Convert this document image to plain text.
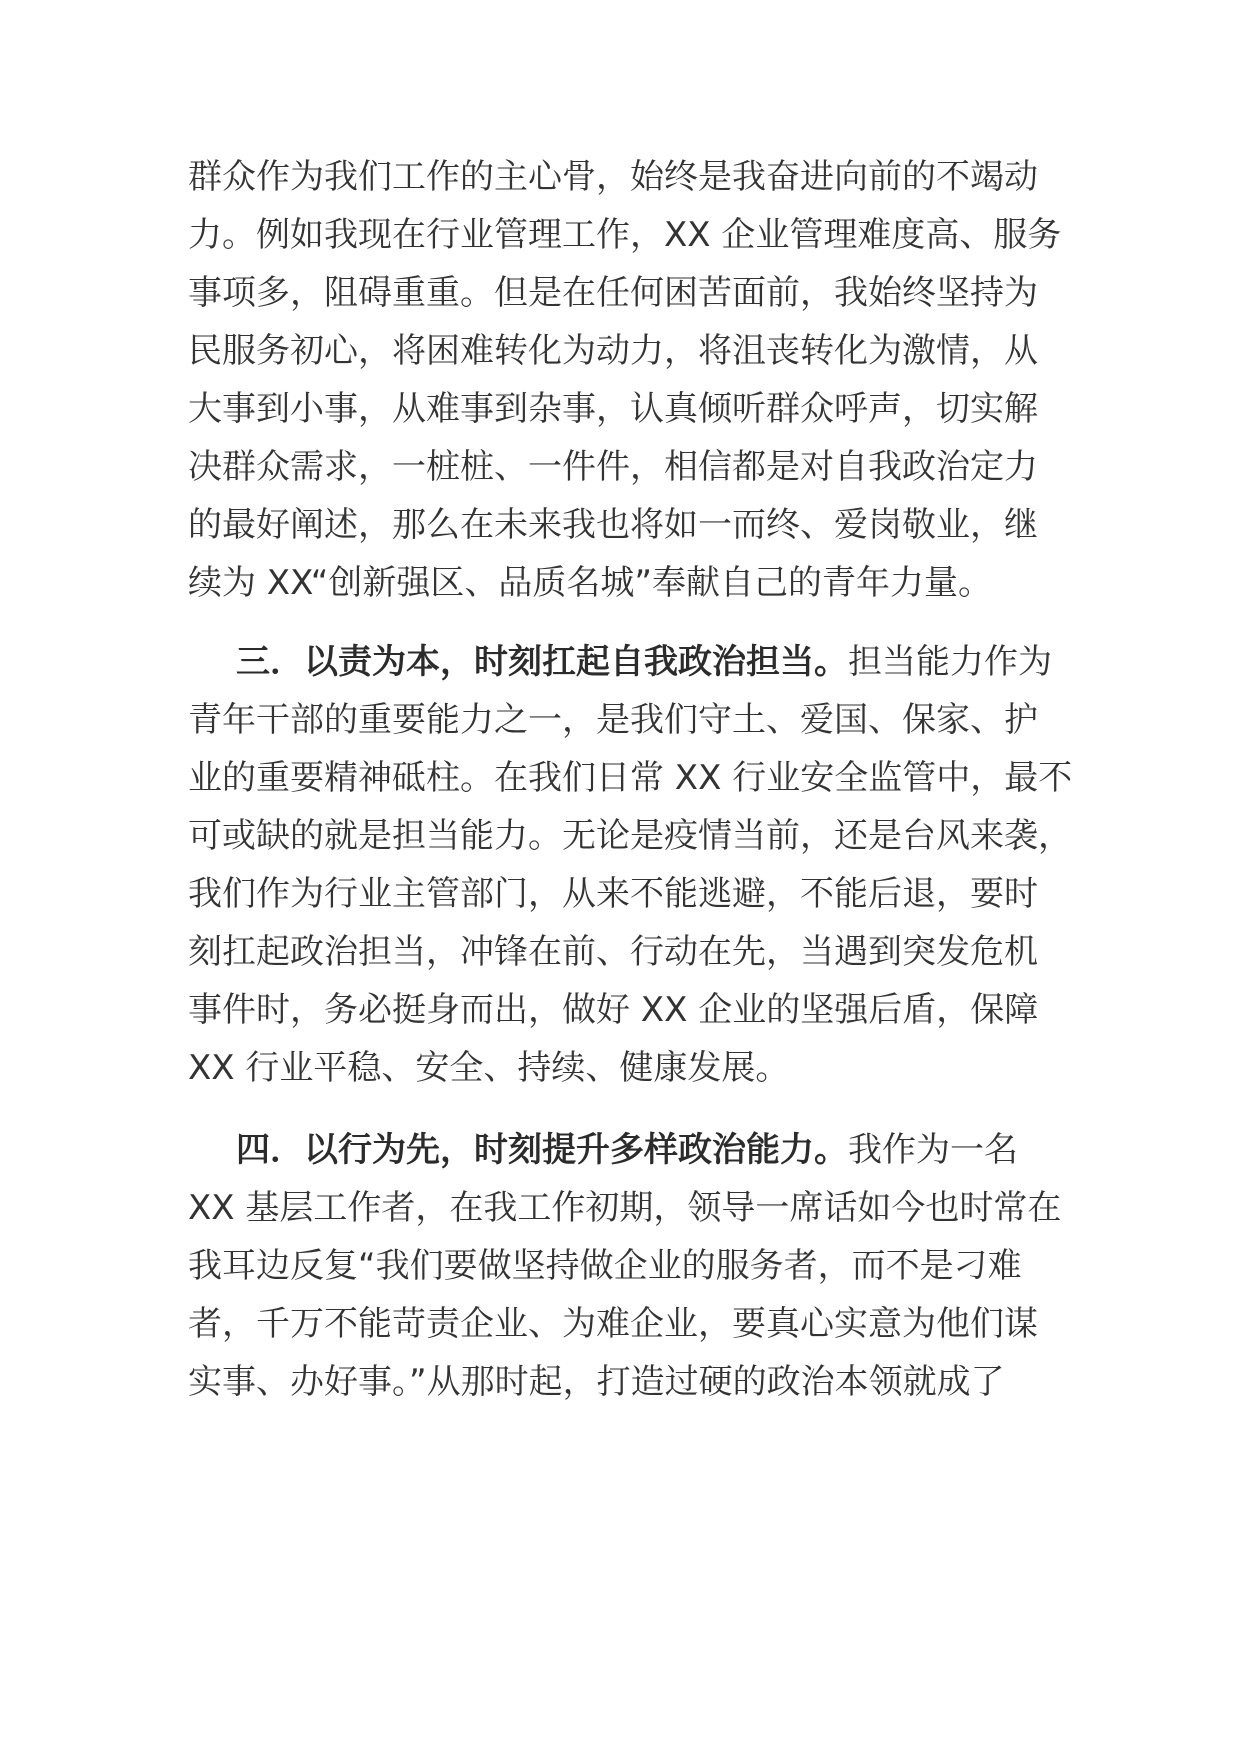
群众作为我们工作的主心骨，始终是我奋进向前的不竭动
力。例如我现在行业管理工作，XX 企业管理难度高、服务
事项多，阻碍重重。但是在任何困苦面前，我始终坚持为
民服务初心，将困难转化为动力，将沮丧转化为激情，从
大事到小事，从难事到杂事，认真倾听群众呼声，切实解
决群众需求，一桩桩、一件件，相信都是对自我政治定力
的最好阐述，那么在未来我也将如一而终、爱岗敬业，继
续为 XX“创新强区、品质名城”奉献自己的青年力量。
三．以责为本，时刻扛起自我政治担当。担当能力作为
青年干部的重要能力之一，是我们守土、爱国、保家、护
业的重要精神砥柱。在我们日常 XX 行业安全监管中，最不
可或缺的就是担当能力。无论是疫情当前，还是台风来袭，
我们作为行业主管部门，从来不能逃避，不能后退，要时
刻扛起政治担当，冲锋在前、行动在先，当遇到突发危机
事件时，务必挺身而出，做好 XX 企业的坚强后盾，保障
XX 行业平稳、安全、持续、健康发展。
四．以行为先，时刻提升多样政治能力。我作为一名
XX 基层工作者，在我工作初期，领导一席话如今也时常在
我耳边反复“我们要做坚持做企业的服务者，而不是刁难
者，千万不能苛责企业、为难企业，要真心实意为他们谋
实事、办好事。”从那时起，打造过硬的政治本领就成了
